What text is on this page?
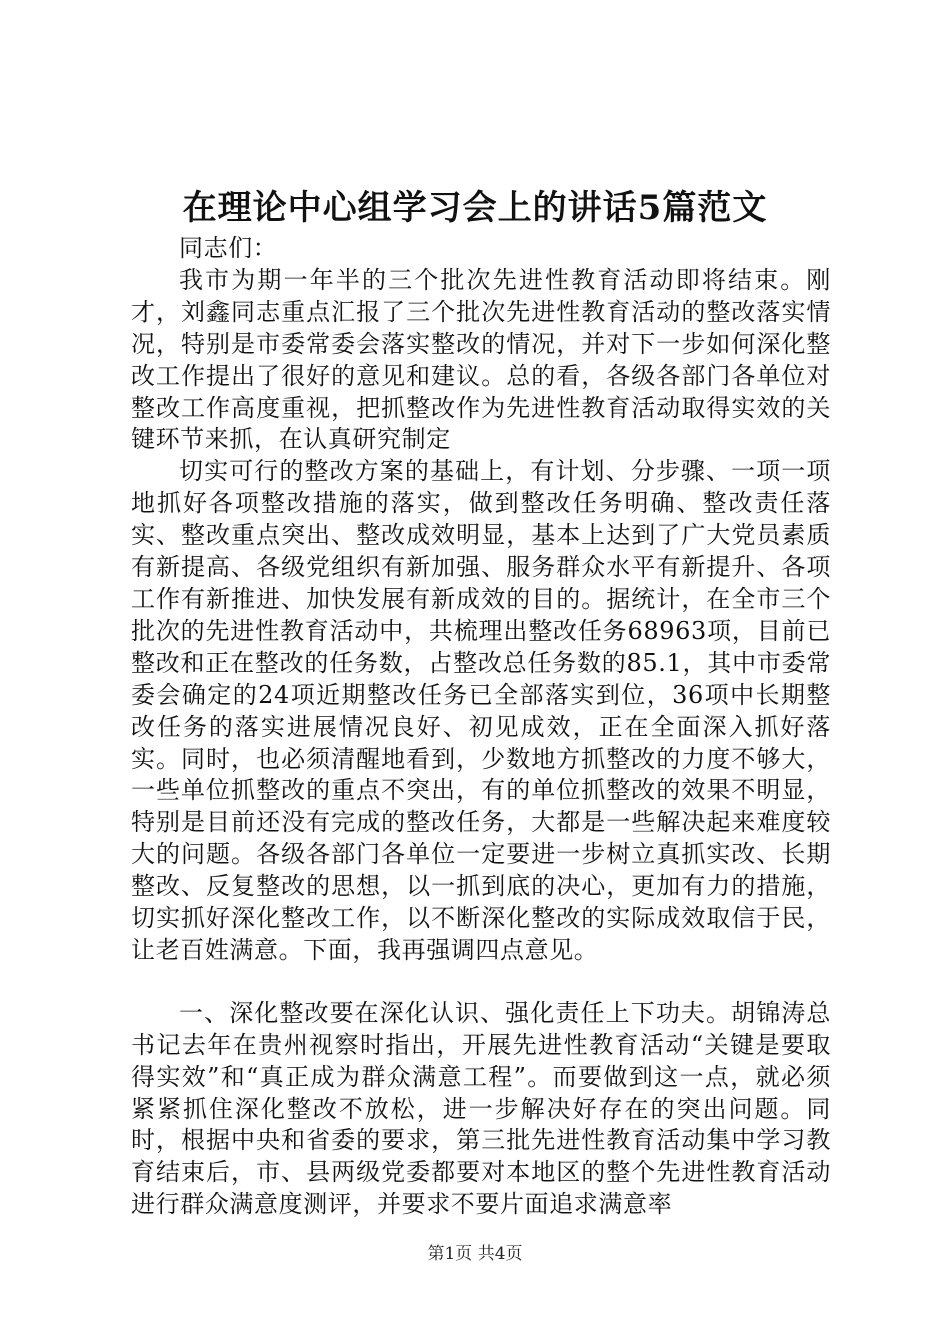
在理论中心组学习会上的讲话5篇范文

同志们：

我市为期一年半的三个批次先进性教育活动即将结束。刚才，刘鑫同志重点汇报了三个批次先进性教育活动的整改落实情况，特别是市委常委会落实整改的情况，并对下一步如何深化整改工作提出了很好的意见和建议。总的看，各级各部门各单位对整改工作高度重视，把抓整改作为先进性教育活动取得实效的关键环节来抓，在认真研究制定

切实可行的整改方案的基础上，有计划、分步骤、一项一项地抓好各项整改措施的落实，做到整改任务明确、整改责任落实、整改重点突出、整改成效明显，基本上达到了广大党员素质有新提高、各级党组织有新加强、服务群众水平有新提升、各项工作有新推进、加快发展有新成效的目的。据统计，在全市三个批次的先进性教育活动中，共梳理出整改任务68963项，目前已整改和正在整改的任务数，占整改总任务数的85.1，其中市委常委会确定的24项近期整改任务已全部落实到位，36项中长期整改任务的落实进展情况良好、初见成效，正在全面深入抓好落实。同时，也必须清醒地看到，少数地方抓整改的力度不够大，一些单位抓整改的重点不突出，有的单位抓整改的效果不明显，特别是目前还没有完成的整改任务，大都是一些解决起来难度较大的问题。各级各部门各单位一定要进一步树立真抓实改、长期整改、反复整改的思想，以一抓到底的决心，更加有力的措施，切实抓好深化整改工作，以不断深化整改的实际成效取信于民，让老百姓满意。下面，我再强调四点意见。

一、深化整改要在深化认识、强化责任上下功夫。胡锦涛总书记去年在贵州视察时指出，开展先进性教育活动“关键是要取得实效”和“真正成为群众满意工程”。而要做到这一点，就必须紧紧抓住深化整改不放松，进一步解决好存在的突出问题。同时，根据中央和省委的要求，第三批先进性教育活动集中学习教育结束后，市、县两级党委都要对本地区的整个先进性教育活动进行群众满意度测评，并要求不要片面追求满意率

第1页 共4页
